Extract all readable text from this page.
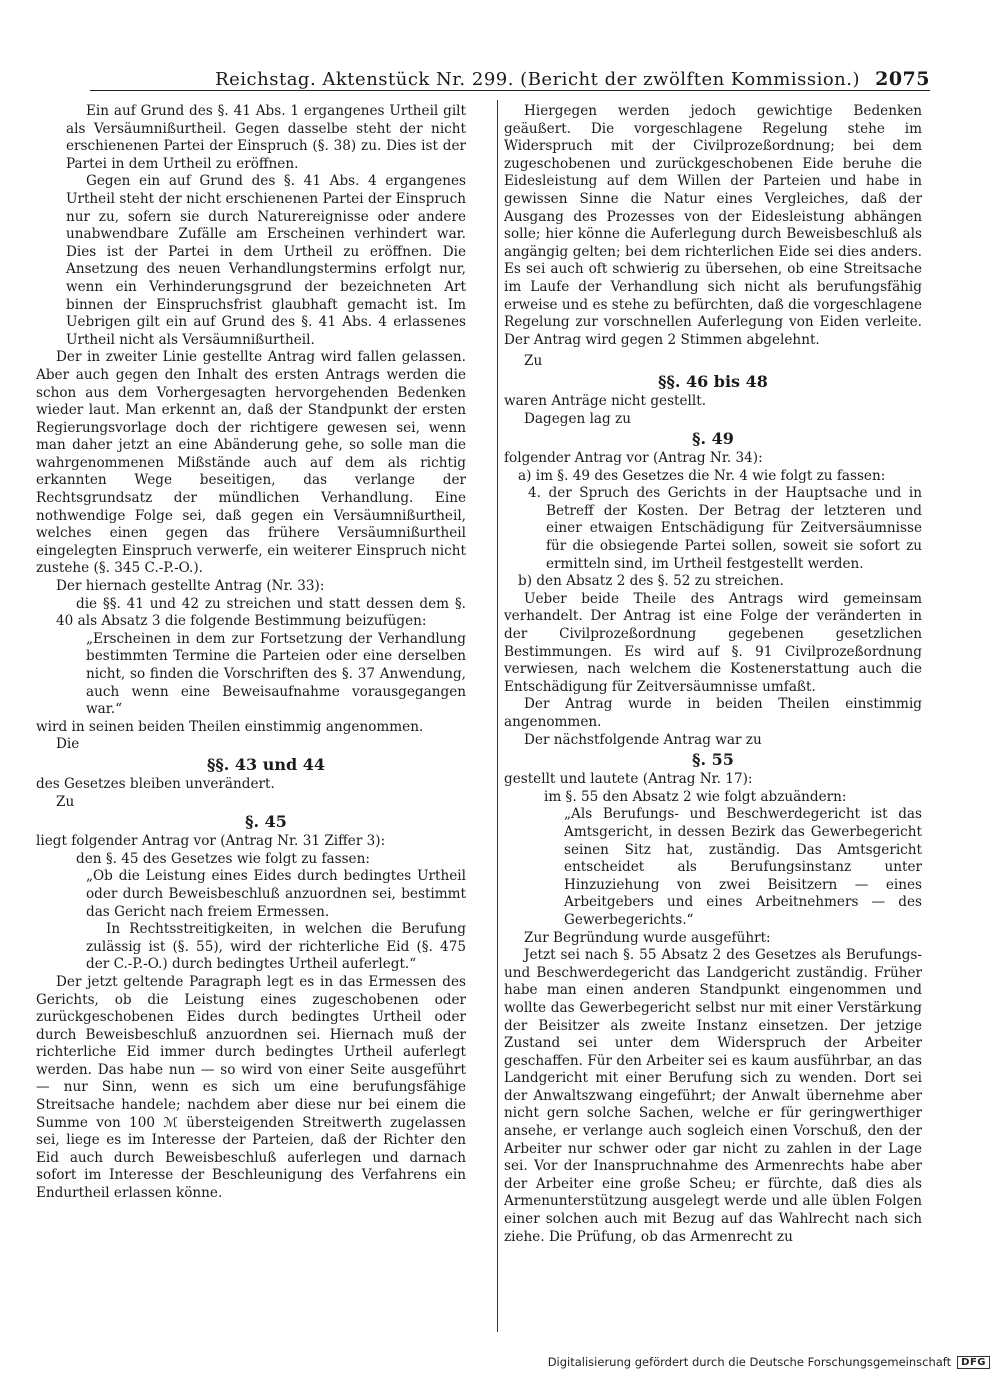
Reichstag. Aktenstück Nr. 299. (Bericht der zwölften Kommission.) 2075

Ein auf Grund des §. 41 Abs. 1 ergangenes Urtheil gilt als Versäumnißurtheil. Gegen dasselbe steht der nicht erschienenen Partei der Einspruch (§. 38) zu. Dies ist der Partei in dem Urtheil zu eröffnen.

Gegen ein auf Grund des §. 41 Abs. 4 ergangenes Urtheil steht der nicht erschienenen Partei der Einspruch nur zu, sofern sie durch Naturereignisse oder andere unabwendbare Zufälle am Erscheinen verhindert war. Dies ist der Partei in dem Urtheil zu eröffnen. Die Ansetzung des neuen Verhandlungstermins erfolgt nur, wenn ein Verhinderungsgrund der bezeichneten Art binnen der Einspruchsfrist glaubhaft gemacht ist. Im Uebrigen gilt ein auf Grund des §. 41 Abs. 4 erlassenes Urtheil nicht als Versäumnißurtheil.

Der in zweiter Linie gestellte Antrag wird fallen gelassen. Aber auch gegen den Inhalt des ersten Antrags werden die schon aus dem Vorhergesagten hervorgehenden Bedenken wieder laut. Man erkennt an, daß der Standpunkt der ersten Regierungsvorlage doch der richtigere gewesen sei, wenn man daher jetzt an eine Abänderung gehe, so solle man die wahrgenommenen Mißstände auch auf dem als richtig erkannten Wege beseitigen, das verlange der Rechtsgrundsatz der mündlichen Verhandlung. Eine nothwendige Folge sei, daß gegen ein Versäumnißurtheil, welches einen gegen das frühere Versäumnißurtheil eingelegten Einspruch verwerfe, ein weiterer Einspruch nicht zustehe (§. 345 C.-P.-O.).

Der hiernach gestellte Antrag (Nr. 33):

die §§. 41 und 42 zu streichen und statt dessen dem §. 40 als Absatz 3 die folgende Bestimmung beizufügen:

„Erscheinen in dem zur Fortsetzung der Verhandlung bestimmten Termine die Parteien oder eine derselben nicht, so finden die Vorschriften des §. 37 Anwendung, auch wenn eine Beweisaufnahme vorausgegangen war.“

wird in seinen beiden Theilen einstimmig angenommen.

Die

§§. 43 und 44

des Gesetzes bleiben unverändert.

Zu

§. 45

liegt folgender Antrag vor (Antrag Nr. 31 Ziffer 3):

den §. 45 des Gesetzes wie folgt zu fassen:

„Ob die Leistung eines Eides durch bedingtes Urtheil oder durch Beweisbeschluß anzuordnen sei, bestimmt das Gericht nach freiem Ermessen.

In Rechtsstreitigkeiten, in welchen die Berufung zulässig ist (§. 55), wird der richterliche Eid (§. 475 der C.-P.-O.) durch bedingtes Urtheil auferlegt.“

Der jetzt geltende Paragraph legt es in das Ermessen des Gerichts, ob die Leistung eines zugeschobenen oder zurückgeschobenen Eides durch bedingtes Urtheil oder durch Beweisbeschluß anzuordnen sei. Hiernach muß der richterliche Eid immer durch bedingtes Urtheil auferlegt werden. Das habe nun — so wird von einer Seite ausgeführt — nur Sinn, wenn es sich um eine berufungsfähige Streitsache handele; nachdem aber diese nur bei einem die Summe von 100 ℳ übersteigenden Streitwerth zugelassen sei, liege es im Interesse der Parteien, daß der Richter den Eid auch durch Beweisbeschluß auferlegen und darnach sofort im Interesse der Beschleunigung des Verfahrens ein Endurtheil erlassen könne.

Hiergegen werden jedoch gewichtige Bedenken geäußert. Die vorgeschlagene Regelung stehe im Widerspruch mit der Civilprozeßordnung; bei dem zugeschobenen und zurückgeschobenen Eide beruhe die Eidesleistung auf dem Willen der Parteien und habe in gewissen Sinne die Natur eines Vergleiches, daß der Ausgang des Prozesses von der Eidesleistung abhängen solle; hier könne die Auferlegung durch Beweisbeschluß als angängig gelten; bei dem richterlichen Eide sei dies anders. Es sei auch oft schwierig zu übersehen, ob eine Streitsache im Laufe der Verhandlung sich nicht als berufungsfähig erweise und es stehe zu befürchten, daß die vorgeschlagene Regelung zur vorschnellen Auferlegung von Eiden verleite. Der Antrag wird gegen 2 Stimmen abgelehnt.

Zu

§§. 46 bis 48

waren Anträge nicht gestellt.

Dagegen lag zu

§. 49

folgender Antrag vor (Antrag Nr. 34):

a) im §. 49 des Gesetzes die Nr. 4 wie folgt zu fassen:

4. der Spruch des Gerichts in der Hauptsache und in Betreff der Kosten. Der Betrag der letzteren und einer etwaigen Entschädigung für Zeitversäumnisse für die obsiegende Partei sollen, soweit sie sofort zu ermitteln sind, im Urtheil festgestellt werden.

b) den Absatz 2 des §. 52 zu streichen.

Ueber beide Theile des Antrags wird gemeinsam verhandelt. Der Antrag ist eine Folge der veränderten in der Civilprozeßordnung gegebenen gesetzlichen Bestimmungen. Es wird auf §. 91 Civilprozeßordnung verwiesen, nach welchem die Kostenerstattung auch die Entschädigung für Zeitversäumnisse umfaßt.

Der Antrag wurde in beiden Theilen einstimmig angenommen.

Der nächstfolgende Antrag war zu

§. 55

gestellt und lautete (Antrag Nr. 17):

im §. 55 den Absatz 2 wie folgt abzuändern:

„Als Berufungs- und Beschwerdegericht ist das Amtsgericht, in dessen Bezirk das Gewerbegericht seinen Sitz hat, zuständig. Das Amtsgericht entscheidet als Berufungsinstanz unter Hinzuziehung von zwei Beisitzern — eines Arbeitgebers und eines Arbeitnehmers — des Gewerbegerichts.“

Zur Begründung wurde ausgeführt:

Jetzt sei nach §. 55 Absatz 2 des Gesetzes als Berufungs- und Beschwerdegericht das Landgericht zuständig. Früher habe man einen anderen Standpunkt eingenommen und wollte das Gewerbegericht selbst nur mit einer Verstärkung der Beisitzer als zweite Instanz einsetzen. Der jetzige Zustand sei unter dem Widerspruch der Arbeiter geschaffen. Für den Arbeiter sei es kaum ausführbar, an das Landgericht mit einer Berufung sich zu wenden. Dort sei der Anwaltszwang eingeführt; der Anwalt übernehme aber nicht gern solche Sachen, welche er für geringwerthiger ansehe, er verlange auch sogleich einen Vorschuß, den der Arbeiter nur schwer oder gar nicht zu zahlen in der Lage sei. Vor der Inanspruchnahme des Armenrechts habe aber der Arbeiter eine große Scheu; er fürchte, daß dies als Armenunterstützung ausgelegt werde und alle üblen Folgen einer solchen auch mit Bezug auf das Wahlrecht nach sich ziehe. Die Prüfung, ob das Armenrecht zu

Digitalisierung gefördert durch die Deutsche Forschungsgemeinschaft	DFG
